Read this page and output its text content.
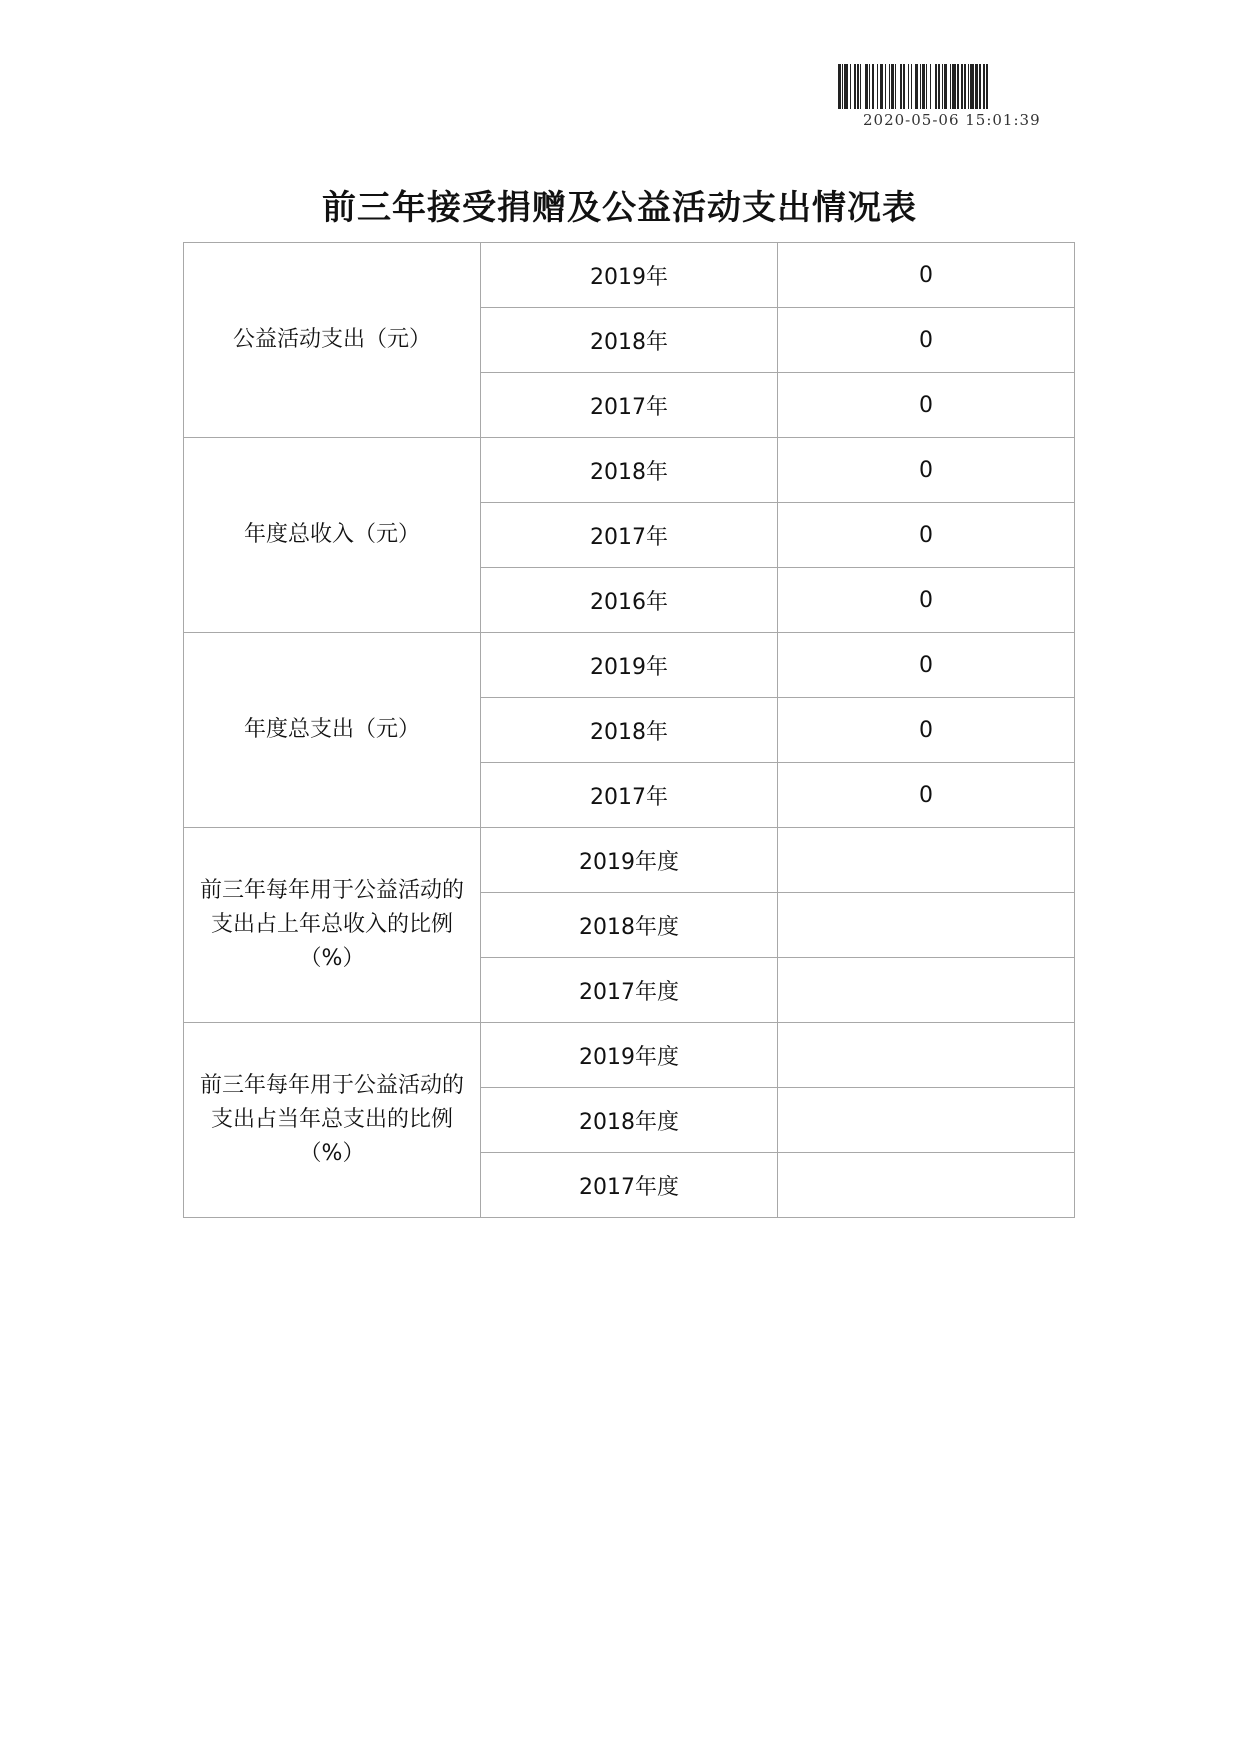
2020-05-06 15:01:39
前三年接受捐赠及公益活动支出情况表
公益活动支出（元）	2019年	0
	2018年	0
	2017年	0
年度总收入（元）	2018年	0
	2017年	0
	2016年	0
年度总支出（元）	2019年	0
	2018年	0
	2017年	0
前三年每年用于公益活动的支出占上年总收入的比例（%）	2019年度	
	2018年度	
	2017年度	
前三年每年用于公益活动的支出占当年总支出的比例（%）	2019年度	
	2018年度	
	2017年度	
